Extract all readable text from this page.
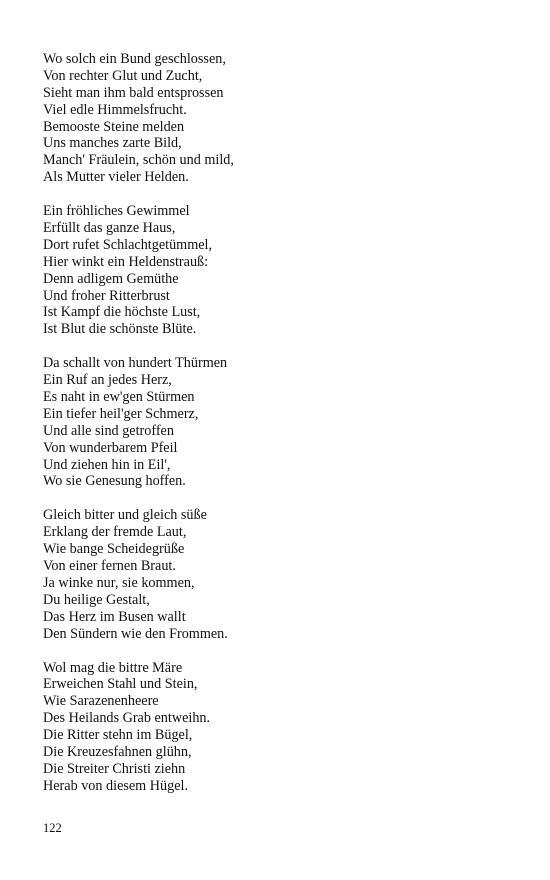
Wo solch ein Bund geschlossen,
Von rechter Glut und Zucht,
Sieht man ihm bald entsprossen
Viel edle Himmelsfrucht.
Bemooste Steine melden
Uns manches zarte Bild,
Manch' Fräulein, schön und mild,
Als Mutter vieler Helden.
Ein fröhliches Gewimmel
Erfüllt das ganze Haus,
Dort rufet Schlachtgetümmel,
Hier winkt ein Heldenstrauß:
Denn adligem Gemüthe
Und froher Ritterbrust
Ist Kampf die höchste Lust,
Ist Blut die schönste Blüte.
Da schallt von hundert Thürmen
Ein Ruf an jedes Herz,
Es naht in ew'gen Stürmen
Ein tiefer heil'ger Schmerz,
Und alle sind getroffen
Von wunderbarem Pfeil
Und ziehen hin in Eil',
Wo sie Genesung hoffen.
Gleich bitter und gleich süße
Erklang der fremde Laut,
Wie bange Scheidegrüße
Von einer fernen Braut.
Ja winke nur, sie kommen,
Du heilige Gestalt,
Das Herz im Busen wallt
Den Sündern wie den Frommen.
Wol mag die bittre Märe
Erweichen Stahl und Stein,
Wie Sarazenenheere
Des Heilands Grab entweihn.
Die Ritter stehn im Bügel,
Die Kreuzesfahnen glühn,
Die Streiter Christi ziehn
Herab von diesem Hügel.
122
